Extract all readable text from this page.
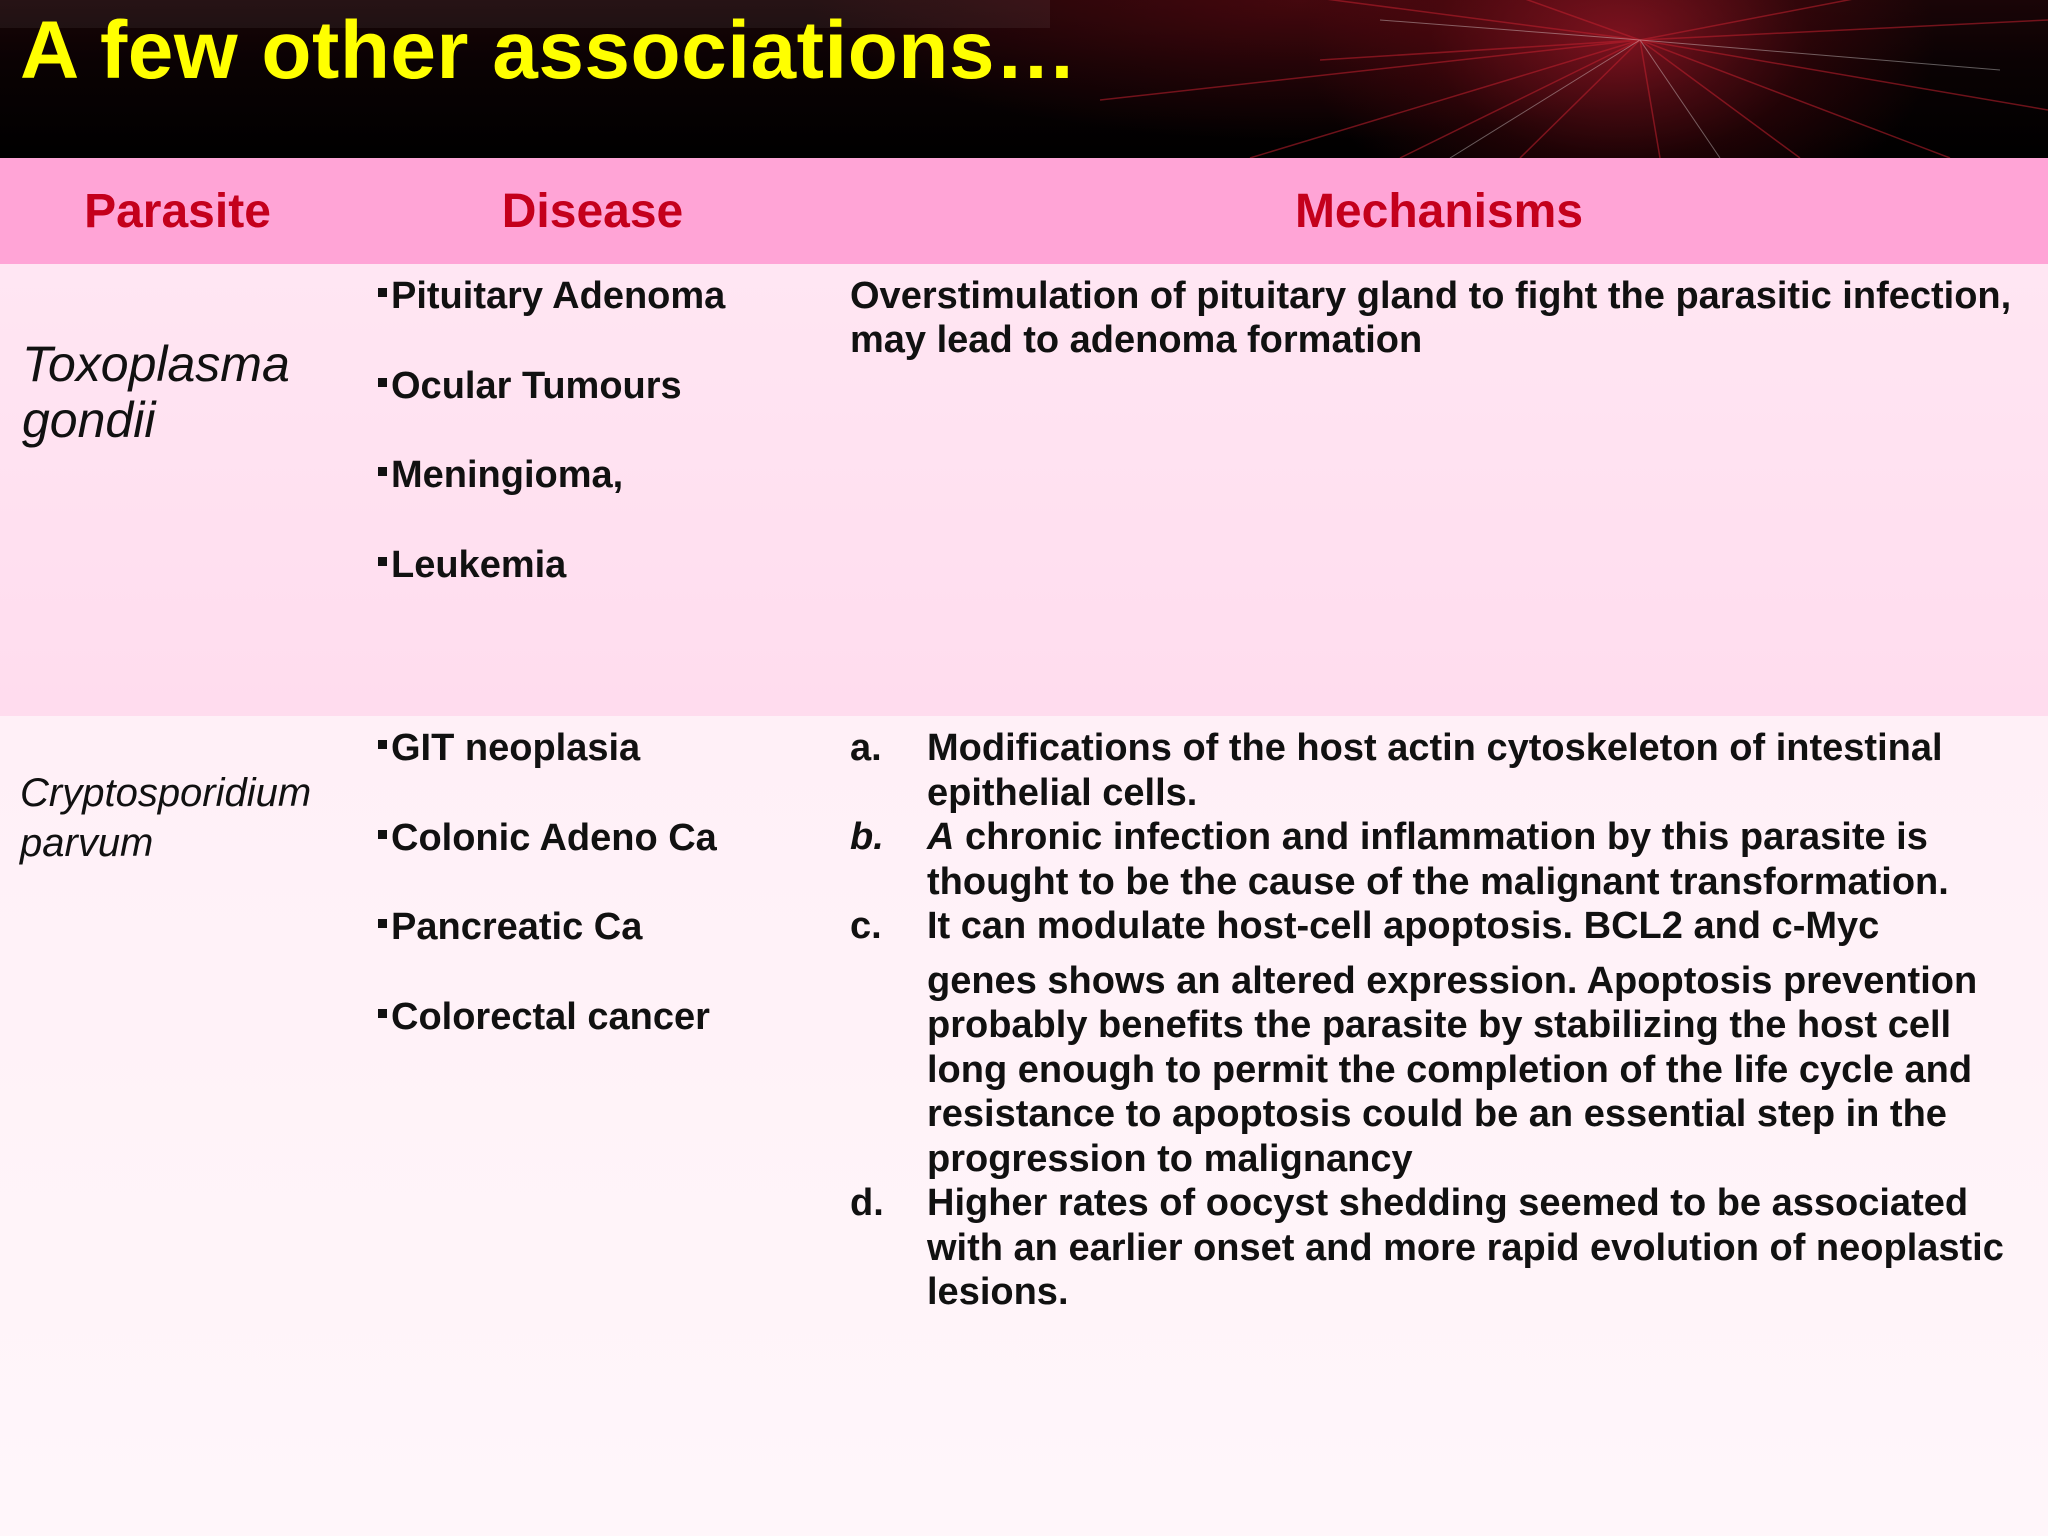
A few other associations…
Parasite	Disease	Mechanisms
Toxoplasma
gondii
Pituitary Adenoma
Ocular Tumours
Meningioma,
Leukemia
Overstimulation of pituitary gland to fight the parasitic infection, may lead to adenoma formation
Cryptosporidium
parvum
GIT neoplasia
Colonic Adeno Ca
Pancreatic Ca
Colorectal cancer
a. Modifications of the host actin cytoskeleton of intestinal epithelial cells.
b. A chronic infection and inflammation by this parasite is thought to be the cause of the malignant transformation.
c. It can modulate host-cell apoptosis. BCL2 and c-Myc
genes shows an altered expression. Apoptosis prevention probably benefits the parasite by stabilizing the host cell long enough to permit the completion of the life cycle and resistance to apoptosis could be an essential step in the progression to malignancy
d. Higher rates of oocyst shedding seemed to be associated with an earlier onset and more rapid evolution of neoplastic lesions.
